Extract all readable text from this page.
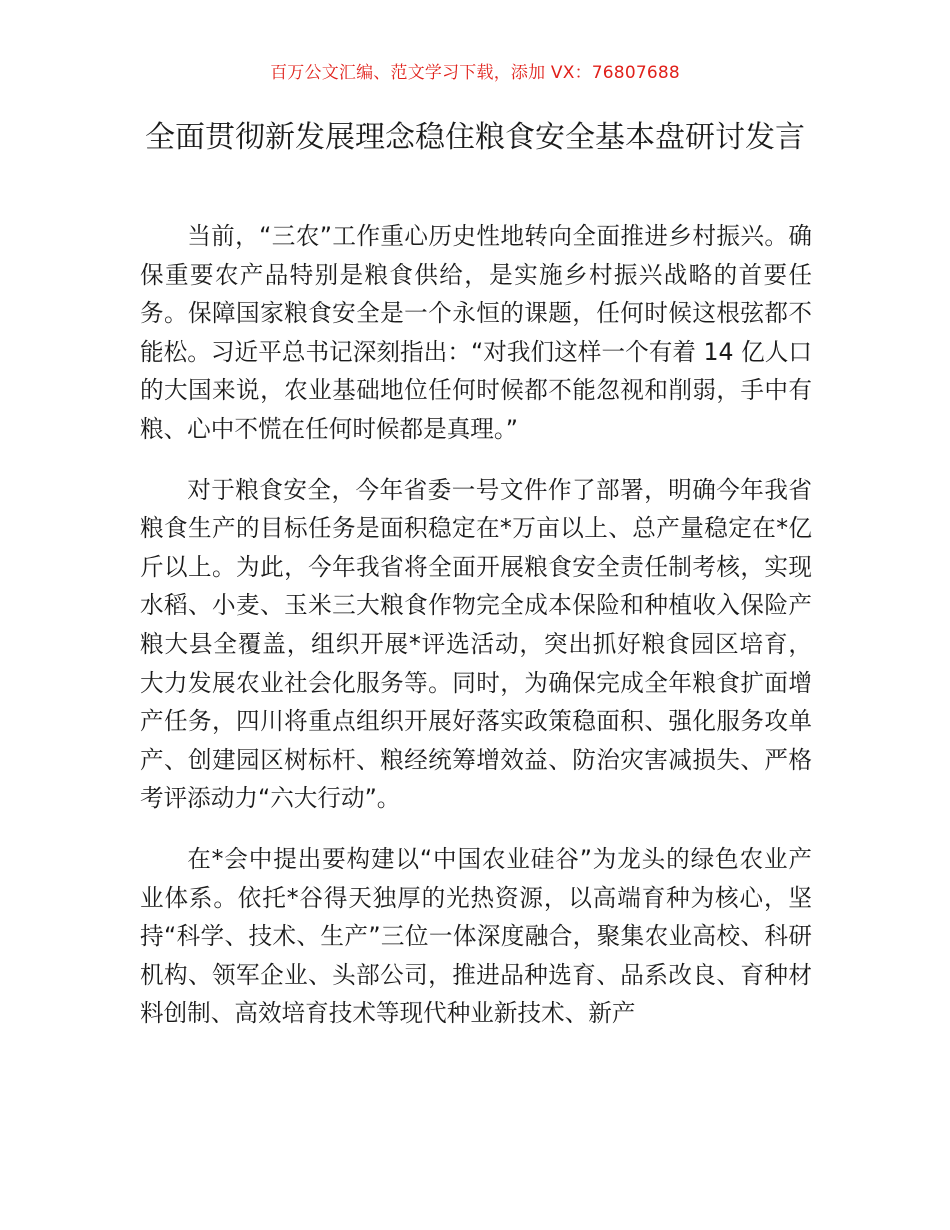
百万公文汇编、范文学习下载，添加 VX：76807688
全面贯彻新发展理念稳住粮食安全基本盘研讨发言

当前，“三农”工作重心历史性地转向全面推进乡村振兴。确保重要农产品特别是粮食供给，是实施乡村振兴战略的首要任务。保障国家粮食安全是一个永恒的课题，任何时候这根弦都不能松。习近平总书记深刻指出：“对我们这样一个有着 14 亿人口的大国来说，农业基础地位任何时候都不能忽视和削弱，手中有粮、心中不慌在任何时候都是真理。”

对于粮食安全，今年省委一号文件作了部署，明确今年我省粮食生产的目标任务是面积稳定在*万亩以上、总产量稳定在*亿斤以上。为此，今年我省将全面开展粮食安全责任制考核，实现水稻、小麦、玉米三大粮食作物完全成本保险和种植收入保险产粮大县全覆盖，组织开展*评选活动，突出抓好粮食园区培育，大力发展农业社会化服务等。同时，为确保完成全年粮食扩面增产任务，四川将重点组织开展好落实政策稳面积、强化服务攻单产、创建园区树标杆、粮经统筹增效益、防治灾害减损失、严格考评添动力“六大行动”。

在*会中提出要构建以“中国农业硅谷”为龙头的绿色农业产业体系。依托*谷得天独厚的光热资源，以高端育种为核心，坚持“科学、技术、生产”三位一体深度融合，聚集农业高校、科研机构、领军企业、头部公司，推进品种选育、品系改良、育种材料创制、高效培育技术等现代种业新技术、新产
